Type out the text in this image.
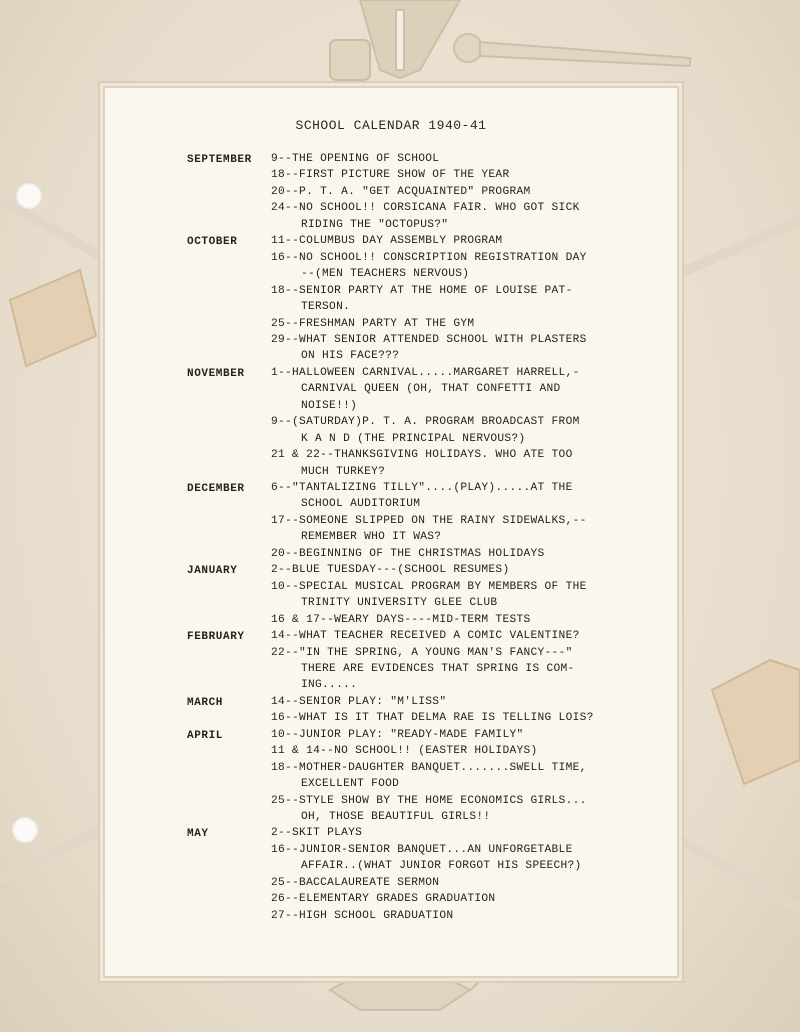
SCHOOL CALENDAR 1940-41
SEPTEMBER 9--THE OPENING OF SCHOOL
18--FIRST PICTURE SHOW OF THE YEAR
20--P. T. A. "GET ACQUAINTED" PROGRAM
24--NO SCHOOL!! CORSICANA FAIR. WHO GOT SICK
RIDING THE "OCTOPUS?"
OCTOBER	11--COLUMBUS DAY ASSEMBLY PROGRAM
16--NO SCHOOL!! CONSCRIPTION REGISTRATION DAY
--(MEN TEACHERS NERVOUS)
18--SENIOR PARTY AT THE HOME OF LOUISE PAT-
TERSON.
25--FRESHMAN PARTY AT THE GYM
29--WHAT SENIOR ATTENDED SCHOOL WITH PLASTERS
ON HIS FACE???
NOVEMBER 1--HALLOWEEN CARNIVAL.....MARGARET HARRELL,-
CARNIVAL QUEEN (OH, THAT CONFETTI AND
NOISE!!)
9--(SATURDAY)P. T. A. PROGRAM BROADCAST FROM
K A N D (THE PRINCIPAL NERVOUS?)
21 & 22--THANKSGIVING HOLIDAYS. WHO ATE TOO
MUCH TURKEY?
DECEMBER 6--"TANTALIZING TILLY"....(PLAY).....AT THE
SCHOOL AUDITORIUM
17--SOMEONE SLIPPED ON THE RAINY SIDEWALKS,--
REMEMBER WHO IT WAS?
20--BEGINNING OF THE CHRISTMAS HOLIDAYS
JANUARY	2--BLUE TUESDAY---(SCHOOL RESUMES)
10--SPECIAL MUSICAL PROGRAM BY MEMBERS OF THE
TRINITY UNIVERSITY GLEE CLUB
16 & 17--WEARY DAYS----MID-TERM TESTS
FEBRUARY 14--WHAT TEACHER RECEIVED A COMIC VALENTINE?
22--"IN THE SPRING, A YOUNG MAN'S FANCY---"
THERE ARE EVIDENCES THAT SPRING IS COM-
ING.....
MARCH	14--SENIOR PLAY: "M'LISS"
16--WHAT IS IT THAT DELMA RAE IS TELLING LOIS?
APRIL	10--JUNIOR PLAY: "READY-MADE FAMILY"
11 & 14--NO SCHOOL!! (EASTER HOLIDAYS)
18--MOTHER-DAUGHTER BANQUET.......SWELL TIME,
EXCELLENT FOOD
25--STYLE SHOW BY THE HOME ECONOMICS GIRLS...
OH, THOSE BEAUTIFUL GIRLS!!
MAY	2--SKIT PLAYS
16--JUNIOR-SENIOR BANQUET...AN UNFORGETABLE
AFFAIR..(WHAT JUNIOR FORGOT HIS SPEECH?)
25--BACCALAUREATE SERMON
26--ELEMENTARY GRADES GRADUATION
27--HIGH SCHOOL GRADUATION
